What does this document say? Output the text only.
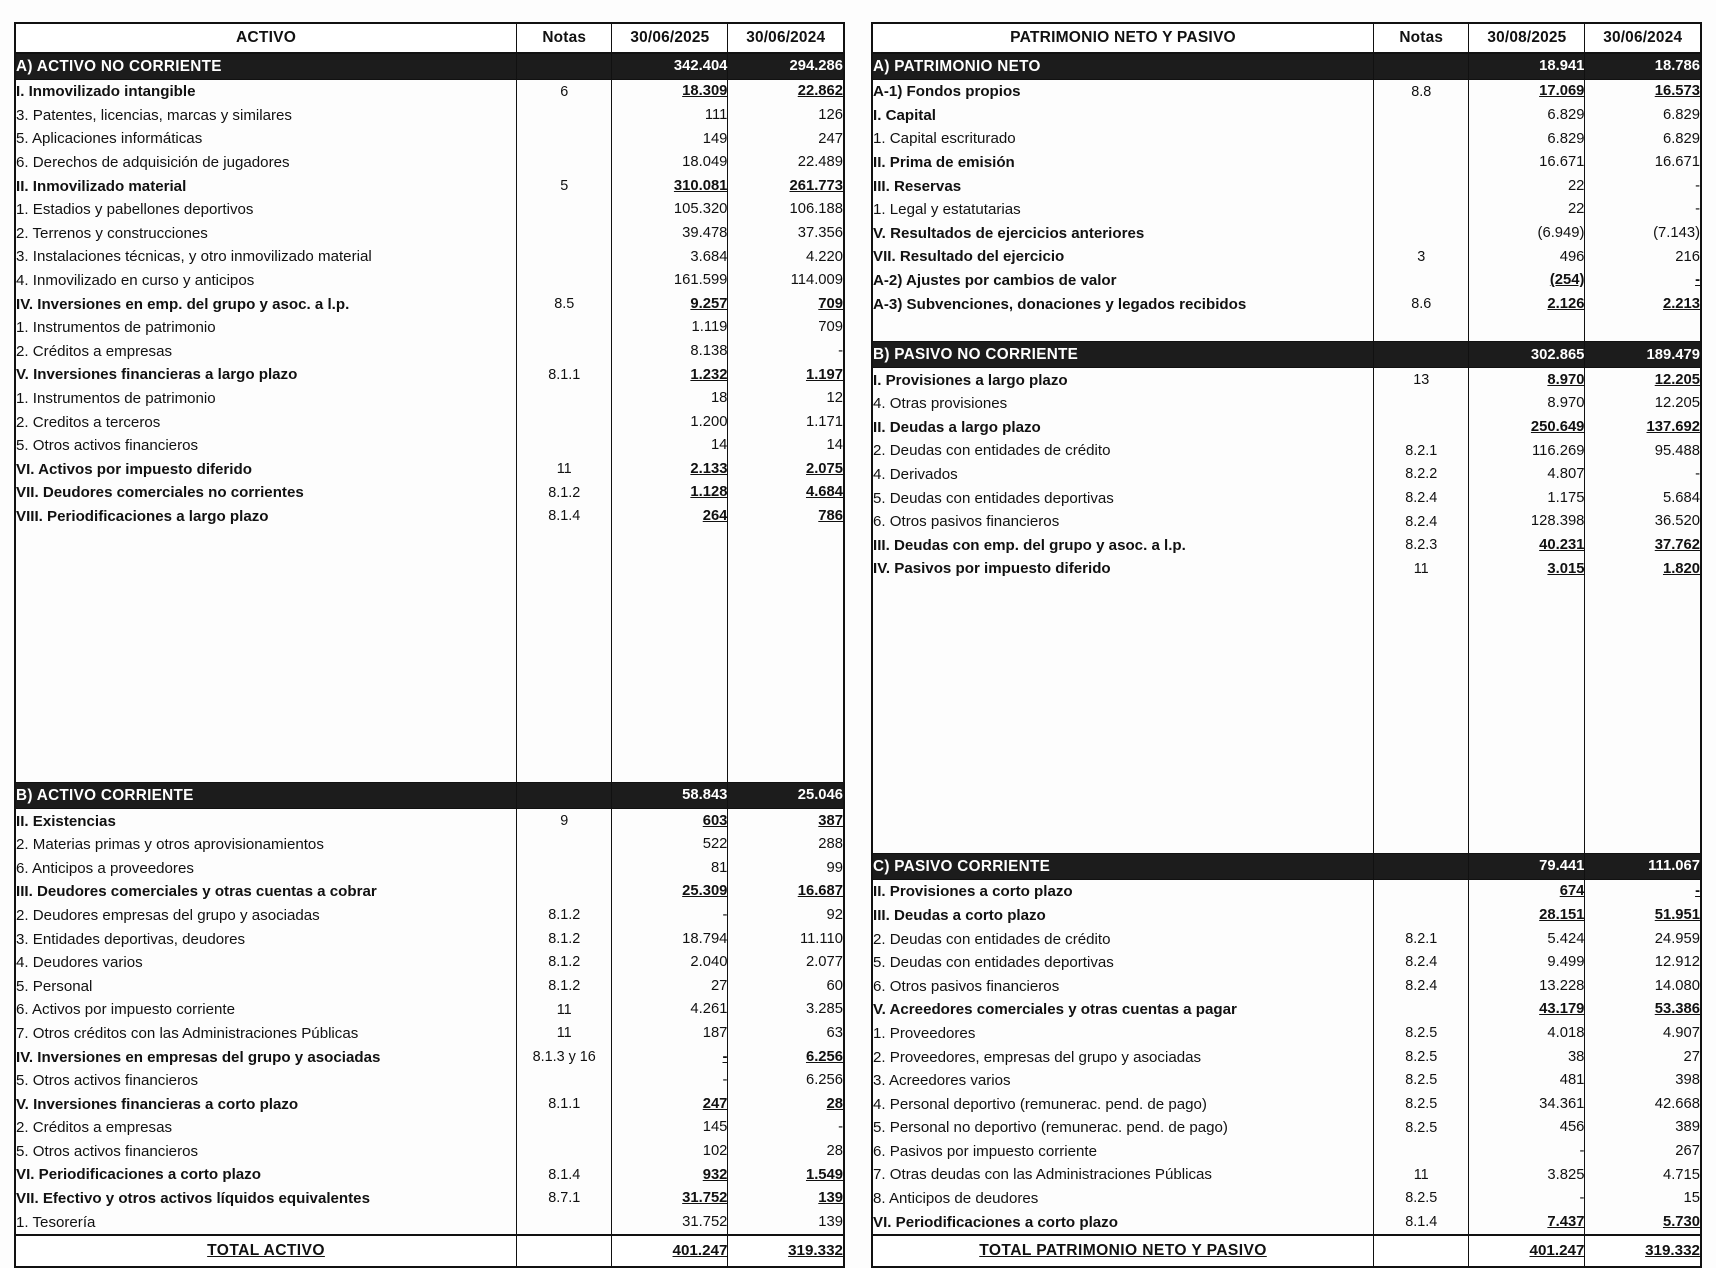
ACTIVO	Notas	30/06/2025	30/06/2024
A) ACTIVO NO CORRIENTE		342.404	294.286
I. Inmovilizado intangible	6	18.309	22.862
3. Patentes, licencias, marcas y similares		111	126
5. Aplicaciones informáticas		149	247
6. Derechos de adquisición de jugadores		18.049	22.489
II. Inmovilizado material	5	310.081	261.773
1. Estadios y pabellones deportivos		105.320	106.188
2. Terrenos y construcciones		39.478	37.356
3. Instalaciones técnicas, y otro inmovilizado material		3.684	4.220
4. Inmovilizado en curso y anticipos		161.599	114.009
IV. Inversiones en emp. del grupo y asoc. a l.p.	8.5	9.257	709
1. Instrumentos de patrimonio		1.119	709
2. Créditos a empresas		8.138	-
V. Inversiones financieras a largo plazo	8.1.1	1.232	1.197
1. Instrumentos de patrimonio		18	12
2. Creditos a terceros		1.200	1.171
5. Otros activos financieros		14	14
VI. Activos por impuesto diferido	11	2.133	2.075
VII. Deudores comerciales no corrientes	8.1.2	1.128	4.684
VIII. Periodificaciones a largo plazo	8.1.4	264	786

B) ACTIVO CORRIENTE		58.843	25.046
II. Existencias	9	603	387
2. Materias primas y otros aprovisionamientos		522	288
6. Anticipos a proveedores		81	99
III. Deudores comerciales y otras cuentas a cobrar		25.309	16.687
2. Deudores empresas del grupo y asociadas	8.1.2	-	92
3. Entidades deportivas, deudores	8.1.2	18.794	11.110
4. Deudores varios	8.1.2	2.040	2.077
5. Personal	8.1.2	27	60
6. Activos por impuesto corriente	11	4.261	3.285
7. Otros créditos con las Administraciones Públicas	11	187	63
IV. Inversiones en empresas del grupo y asociadas	8.1.3 y 16	-	6.256
5. Otros activos financieros		-	6.256
V. Inversiones financieras a corto plazo	8.1.1	247	28
2. Créditos a empresas		145	-
5. Otros activos financieros		102	28
VI. Periodificaciones a corto plazo	8.1.4	932	1.549
VII. Efectivo y otros activos líquidos equivalentes	8.7.1	31.752	139
1. Tesorería		31.752	139
TOTAL ACTIVO		401.247	319.332
PATRIMONIO NETO Y PASIVO	Notas	30/08/2025	30/06/2024
A) PATRIMONIO NETO		18.941	18.786
A-1) Fondos propios	8.8	17.069	16.573
I. Capital		6.829	6.829
1. Capital escriturado		6.829	6.829
II. Prima de emisión		16.671	16.671
III. Reservas		22	-
1. Legal y estatutarias		22	-
V. Resultados de ejercicios anteriores		(6.949)	(7.143)
VII. Resultado del ejercicio	3	496	216
A-2) Ajustes por cambios de valor		(254)	-
A-3) Subvenciones, donaciones y legados recibidos	8.6	2.126	2.213

B) PASIVO NO CORRIENTE		302.865	189.479
I. Provisiones a largo plazo	13	8.970	12.205
4. Otras provisiones		8.970	12.205
II. Deudas a largo plazo		250.649	137.692
2. Deudas con entidades de crédito	8.2.1	116.269	95.488
4. Derivados	8.2.2	4.807	-
5. Deudas con entidades deportivas	8.2.4	1.175	5.684
6. Otros pasivos financieros	8.2.4	128.398	36.520
III. Deudas con emp. del grupo y asoc. a l.p.	8.2.3	40.231	37.762
IV. Pasivos por impuesto diferido	11	3.015	1.820

C) PASIVO CORRIENTE		79.441	111.067
II. Provisiones a corto plazo		674	-
III. Deudas a corto plazo		28.151	51.951
2. Deudas con entidades de crédito	8.2.1	5.424	24.959
5. Deudas con entidades deportivas	8.2.4	9.499	12.912
6. Otros pasivos financieros	8.2.4	13.228	14.080
V. Acreedores comerciales y otras cuentas a pagar		43.179	53.386
1. Proveedores	8.2.5	4.018	4.907
2. Proveedores, empresas del grupo y asociadas	8.2.5	38	27
3. Acreedores varios	8.2.5	481	398
4. Personal deportivo (remunerac. pend. de pago)	8.2.5	34.361	42.668
5. Personal no deportivo (remunerac. pend. de pago)	8.2.5	456	389
6. Pasivos por impuesto corriente		-	267
7. Otras deudas con las Administraciones Públicas	11	3.825	4.715
8. Anticipos de deudores	8.2.5	-	15
VI. Periodificaciones a corto plazo	8.1.4	7.437	5.730
TOTAL PATRIMONIO NETO Y PASIVO		401.247	319.332
